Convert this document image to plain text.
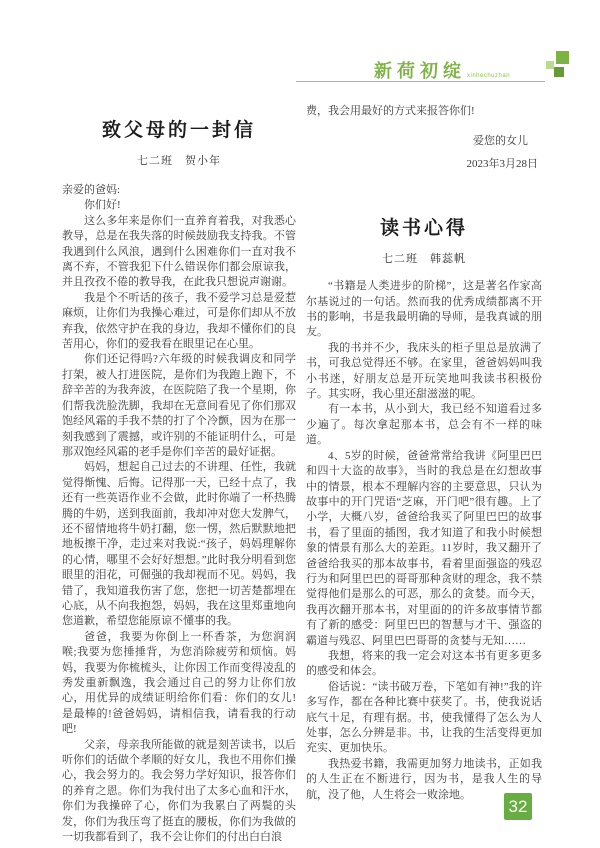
新荷初绽xinhechuzhan
致父母的一封信
七二班　贺小年

亲爱的爸妈:

你们好!

这么多年来是你们一直养育着我，对我悉心教导，总是在我失落的时候鼓励我支持我。不管我遇到什么风浪，遇到什么困难你们一直对我不离不弃，不管我犯下什么错误你们都会原谅我，并且孜孜不倦的教导我，在此我只想说声谢谢。

我是个不听话的孩子，我不爱学习总是爱惹麻烦，让你们为我操心难过，可是你们却从不放弃我，依然守护在我的身边，我却不懂你们的良苦用心，你们的爱我看在眼里记在心里。

你们还记得吗?六年级的时候我调皮和同学打架，被人打进医院，是你们为我跑上跑下，不辞辛苦的为我奔波，在医院陪了我一个星期，你们帮我洗脸洗脚，我却在无意间看见了你们那双饱经风霜的手我不禁的打了个冷颤，因为在那一刻我感到了震撼，或许别的不能证明什么，可是那双饱经风霜的老手是你们辛苦的最好证据。

妈妈，想起自己过去的不讲理、任性，我就觉得惭愧、后悔。记得那一天，已经十点了，我还有一些英语作业不会做，此时你端了一杯热腾腾的牛奶，送到我面前，我却冲对您大发脾气，还不留情地将牛奶打翻，您一愣，然后默默地把地板擦干净，走过来对我说:“孩子，妈妈理解你的心情，哪里不会好好想想。”此时我分明看到您眼里的泪花，可倔强的我却视而不见。妈妈，我错了，我知道我伤害了您，您把一切苦楚都埋在心底，从不向我抱怨，妈妈，我在这里郑重地向您道歉，希望您能原谅不懂事的我。

爸爸，我要为你倒上一杯香茶，为您润润喉;我要为您捶捶背，为您消除疲劳和烦恼。妈妈，我要为你梳梳头，让你因工作而变得凌乱的秀发重新飘逸，我会通过自己的努力让你们放心，用优异的成绩证明给你们看：你们的女儿!是最棒的!爸爸妈妈，请相信我，请看我的行动吧!

父亲，母亲我所能做的就是刻苦读书，以后听你们的话做个孝顺的好女儿，我也不用你们操心，我会努力的。我会努力学好知识，报答你们的养育之恩。你们为我付出了太多心血和汗水，你们为我操碎了心，你们为我累白了两鬓的头发，你们为我压弯了挺直的腰板，你们为我做的一切我都看到了，我不会让你们的付出白白浪

费，我会用最好的方式来报答你们!

爱您的女儿
2023年3月28日
读书心得
七二班　韩蕊帆

“书籍是人类进步的阶梯”，这是著名作家高尔基说过的一句话。然而我的优秀成绩都离不开书的影响，书是我最明确的导师，是我真诚的朋友。

我的书并不少，我床头的柜子里总是放满了书，可我总觉得还不够。在家里，爸爸妈妈叫我小书迷，好朋友总是开玩笑地叫我读书积极份子。其实呀，我心里还甜滋滋的呢。

有一本书，从小到大，我已经不知道看过多少遍了。每次拿起那本书，总会有不一样的味道。

4、5岁的时候，爸爸常常给我讲《阿里巴巴和四十大盗的故事》，当时的我总是在幻想故事中的情景，根本不理解内容的主要意思，只认为故事中的开门咒语“芝麻，开门吧”很有趣。上了小学，大概八岁，爸爸给我买了阿里巴巴的故事书，看了里面的插图，我才知道了和我小时候想象的情景有那么大的差距。11岁时，我又翻开了爸爸给我买的那本故事书，看着里面强盗的残忍行为和阿里巴巴的哥哥那种贪财的理念，我不禁觉得他们是那么的可恶，那么的贪婪。而今天，我再次翻开那本书，对里面的的许多故事情节都有了新的感受：阿里巴巴的智慧与才干、强盗的霸道与残忍、阿里巴巴哥哥的贪婪与无知……

我想，将来的我一定会对这本书有更多更多的感受和体会。

俗话说：“读书破万卷，下笔如有神!”我的许多写作，都在各种比赛中获奖了。书，使我说话底气十足，有理有据。书，使我懂得了怎么为人处事，怎么分辨是非。书，让我的生活变得更加充实、更加快乐。

我热爱书籍，我需更加努力地读书，正如我的人生正在不断进行，因为书，是我人生的导航，没了他，人生将会一败涂地。

32
